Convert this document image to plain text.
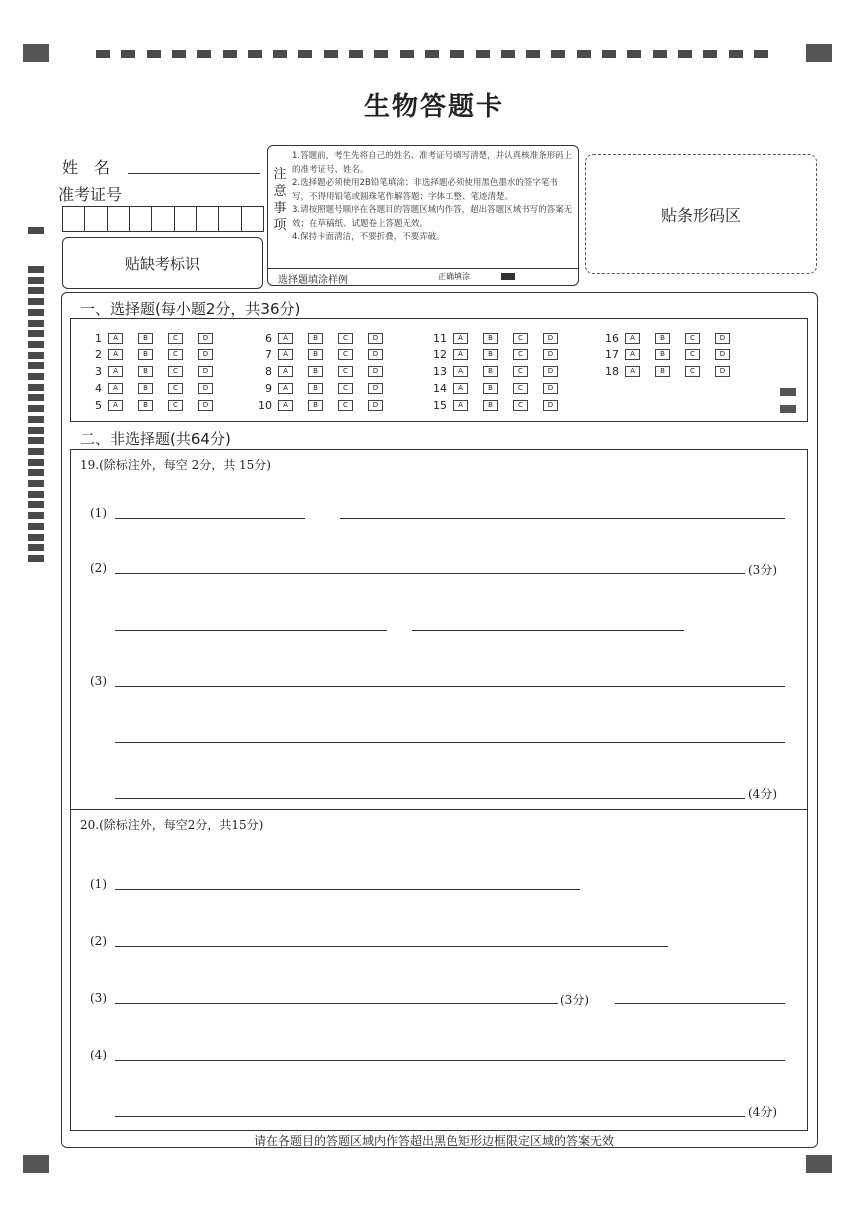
生物答题卡
姓　名
准考证号
贴缺考标识
注意事项
1.答题前，考生先将自己的姓名、准考证号填写清楚，并认真核准条形码上的准考证号、姓名。
2.选择题必须使用2B铅笔填涂；非选择题必须使用黑色墨水的签字笔书写，不得用铅笔或圆珠笔作解答题；字体工整、笔迹清楚。
3.请按照题号顺序在各题目的答题区域内作答，超出答题区域书写的答案无效；在草稿纸、试题卷上答题无效。
4.保持卡面清洁，不要折叠，不要弄破。
选择题填涂样例	正确填涂
贴条形码区
一、选择题(每小题2分，共36分)
1	A	B	C	D
2	A	B	C	D
3	A	B	C	D
4	A	B	C	D
5	A	B	C	D
6	A	B	C	D
7	A	B	C	D
8	A	B	C	D
9	A	B	C	D
10	A	B	C	D
11	A	B	C	D
12	A	B	C	D
13	A	B	C	D
14	A	B	C	D
15	A	B	C	D
16	A	B	C	D
17	A	B	C	D
18	A	B	C	D
二、非选择题(共64分)
19.(除标注外，每空 2分，共 15分)
(1)
(2)	(3分)
(3)
(4分)
20.(除标注外，每空2分，共15分)
(1)
(2)
(3)	(3分)
(4)
(4分)
请在各题目的答题区域内作答超出黑色矩形边框限定区域的答案无效
